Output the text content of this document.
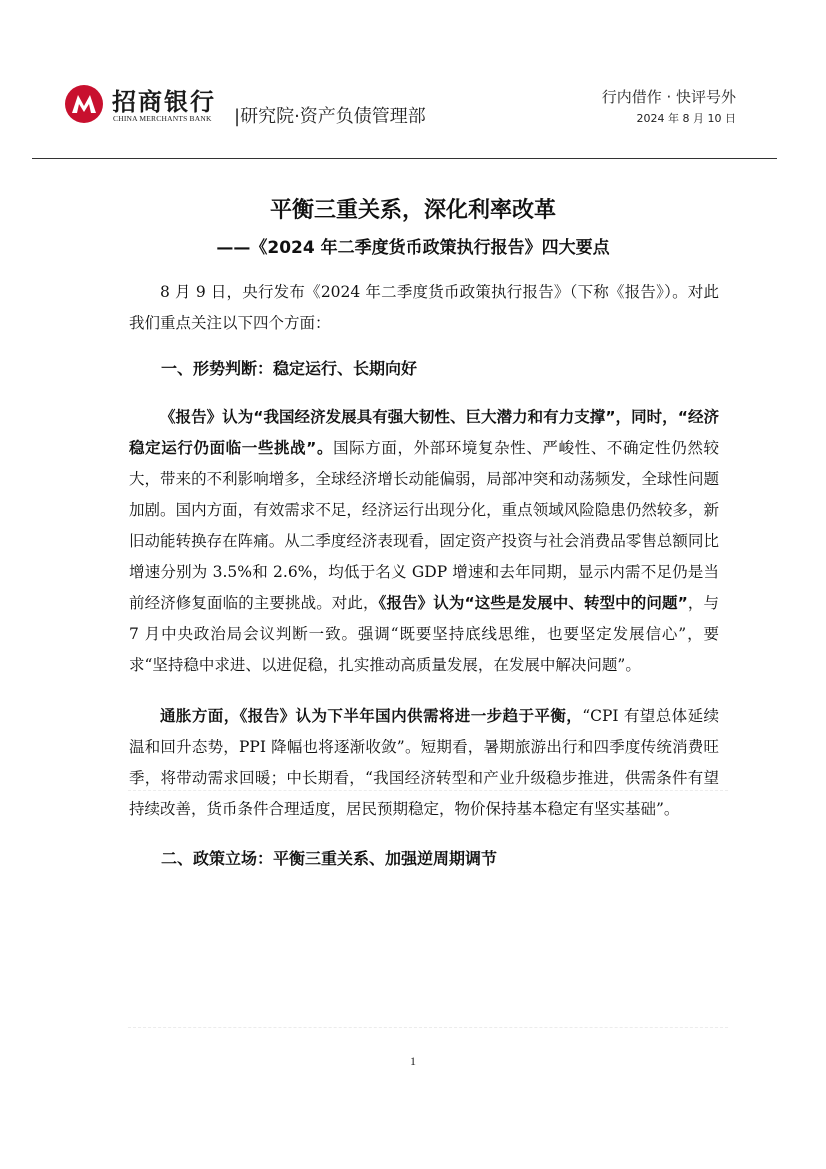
招商银行
CHINA MERCHANTS BANK |研究院·资产负债管理部
行内借作 · 快评号外
2024 年 8 月 10 日
平衡三重关系，深化利率改革
——《2024 年二季度货币政策执行报告》四大要点

8 月 9 日，央行发布《2024 年二季度货币政策执行报告》（下称《报告》）。对此我们重点关注以下四个方面：

一、形势判断：稳定运行、长期向好

《报告》认为“我国经济发展具有强大韧性、巨大潜力和有力支撑”，同时，“经济稳定运行仍面临一些挑战”。国际方面，外部环境复杂性、严峻性、不确定性仍然较大，带来的不利影响增多，全球经济增长动能偏弱，局部冲突和动荡频发，全球性问题加剧。国内方面，有效需求不足，经济运行出现分化，重点领域风险隐患仍然较多，新旧动能转换存在阵痛。从二季度经济表现看，固定资产投资与社会消费品零售总额同比增速分别为 3.5%和 2.6%，均低于名义 GDP 增速和去年同期，显示内需不足仍是当前经济修复面临的主要挑战。对此，《报告》认为“这些是发展中、转型中的问题”，与 7 月中央政治局会议判断一致。强调“既要坚持底线思维，也要坚定发展信心”，要求“坚持稳中求进、以进促稳，扎实推动高质量发展，在发展中解决问题”。

通胀方面，《报告》认为下半年国内供需将进一步趋于平衡，“CPI 有望总体延续温和回升态势，PPI 降幅也将逐渐收敛”。短期看，暑期旅游出行和四季度传统消费旺季，将带动需求回暖；中长期看，“我国经济转型和产业升级稳步推进，供需条件有望持续改善，货币条件合理适度，居民预期稳定，物价保持基本稳定有坚实基础”。

二、政策立场：平衡三重关系、加强逆周期调节

1
